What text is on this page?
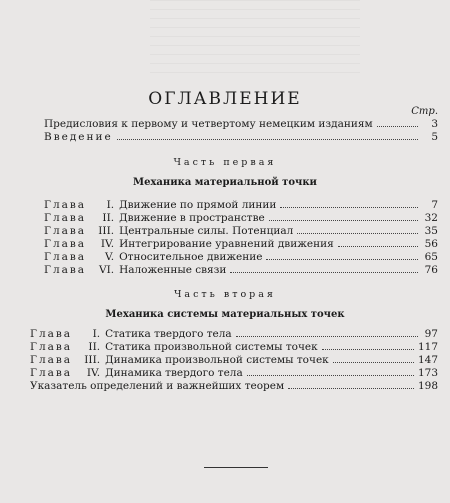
ОГЛАВЛЕНИЕ
Стр.
Предисловия к первому и четвертому немецким изданиям	3
Введение	5
Часть первая
Механика материальной точки
Глава	I. Движение по прямой линии	7
Глава	II. Движение в пространстве	32
Глава	III. Центральные силы. Потенциал	35
Глава	IV. Интегрирование уравнений движения	56
Глава	V. Относительное движение	65
Глава	VI. Наложенные связи	76
Часть вторая
Механика системы материальных точек
Глава	I. Статика твердого тела	97
Глава	II. Статика произвольной системы точек	117
Глава	III. Динамика произвольной системы точек	147
Глава	IV. Динамика твердого тела	173
Указатель определений и важнейших теорем	198
